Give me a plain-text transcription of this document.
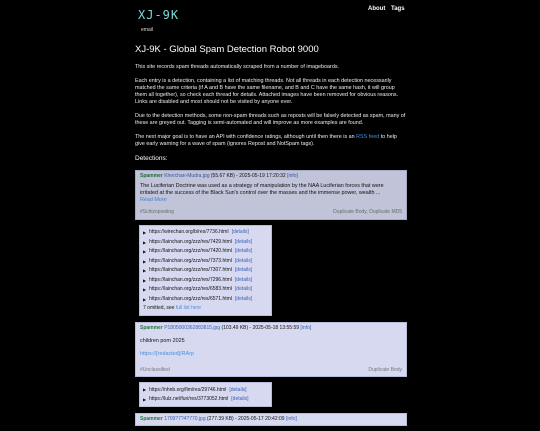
XJ-9K
email
About Tags
XJ-9K - Global Spam Detection Robot 9000

This site records spam threads automatically scraped from a number of imageboards.

Each entry is a detection, containing a list of matching threads. Not all threads in each detection necessarily matched the same criteria (if A and B have the same filename, and B and C have the same hash, it will group them all together), so check each thread for details. Attached images have been removed for obvious reasons. Links are disabled and most should not be visited by anyone ever.

Due to the detection methods, some non-spam threads such as reposts will be falsely detected as spam, many of these are greyed out. Tagging is semi-automated and will improve as more examples are found.

The next major goal is to have an API with confidence ratings, although until then there is an RSS feed to help give early warning for a wave of spam (ignores Repost and NotSpam tags).

Detections:
Spammer Kherchan-Mudra.jpg (55.67 KB) - 2025-05-19 17:20:32 [info]
The Luciferian Doctrine was used as a strategy of manipulation by the NAA Luciferian forces that were irritated at the success of the Black Sun's control over the masses and the immense power, wealth ...
Read More
#Schizoposting	Duplicate Body, Duplicate MD5
▶ https://wirechan.org/b/res/7736.html [details]
▶ https://lainchan.org/zzz/res/7429.html [details]
▶ https://lainchan.org/zzz/res/7420.html [details]
▶ https://lainchan.org/zzz/res/7373.html [details]
▶ https://lainchan.org/zzz/res/7307.html [details]
▶ https://lainchan.org/zzz/res/7296.html [details]
▶ https://lainchan.org/zzz/res/6583.html [details]
▶ https://lainchan.org/zzz/res/6571.html [details]
7 omitted, see
full list here
Spammer P1805000362883815.jpg (103.49 KB) - 2025-05-18 13:55:59 [info]
children porn 2025
https://[redacted]/RArp
#Unclassified	Duplicate Body
▶ https://nhnb.org/fim/res/29746.html [details]
▶ https://lulz.net/furi/res/3773052.html [details]
Spammer 1709?7?4?770.jpg (277.39 KB) - 2025-05-17 20:42:09 [info]
